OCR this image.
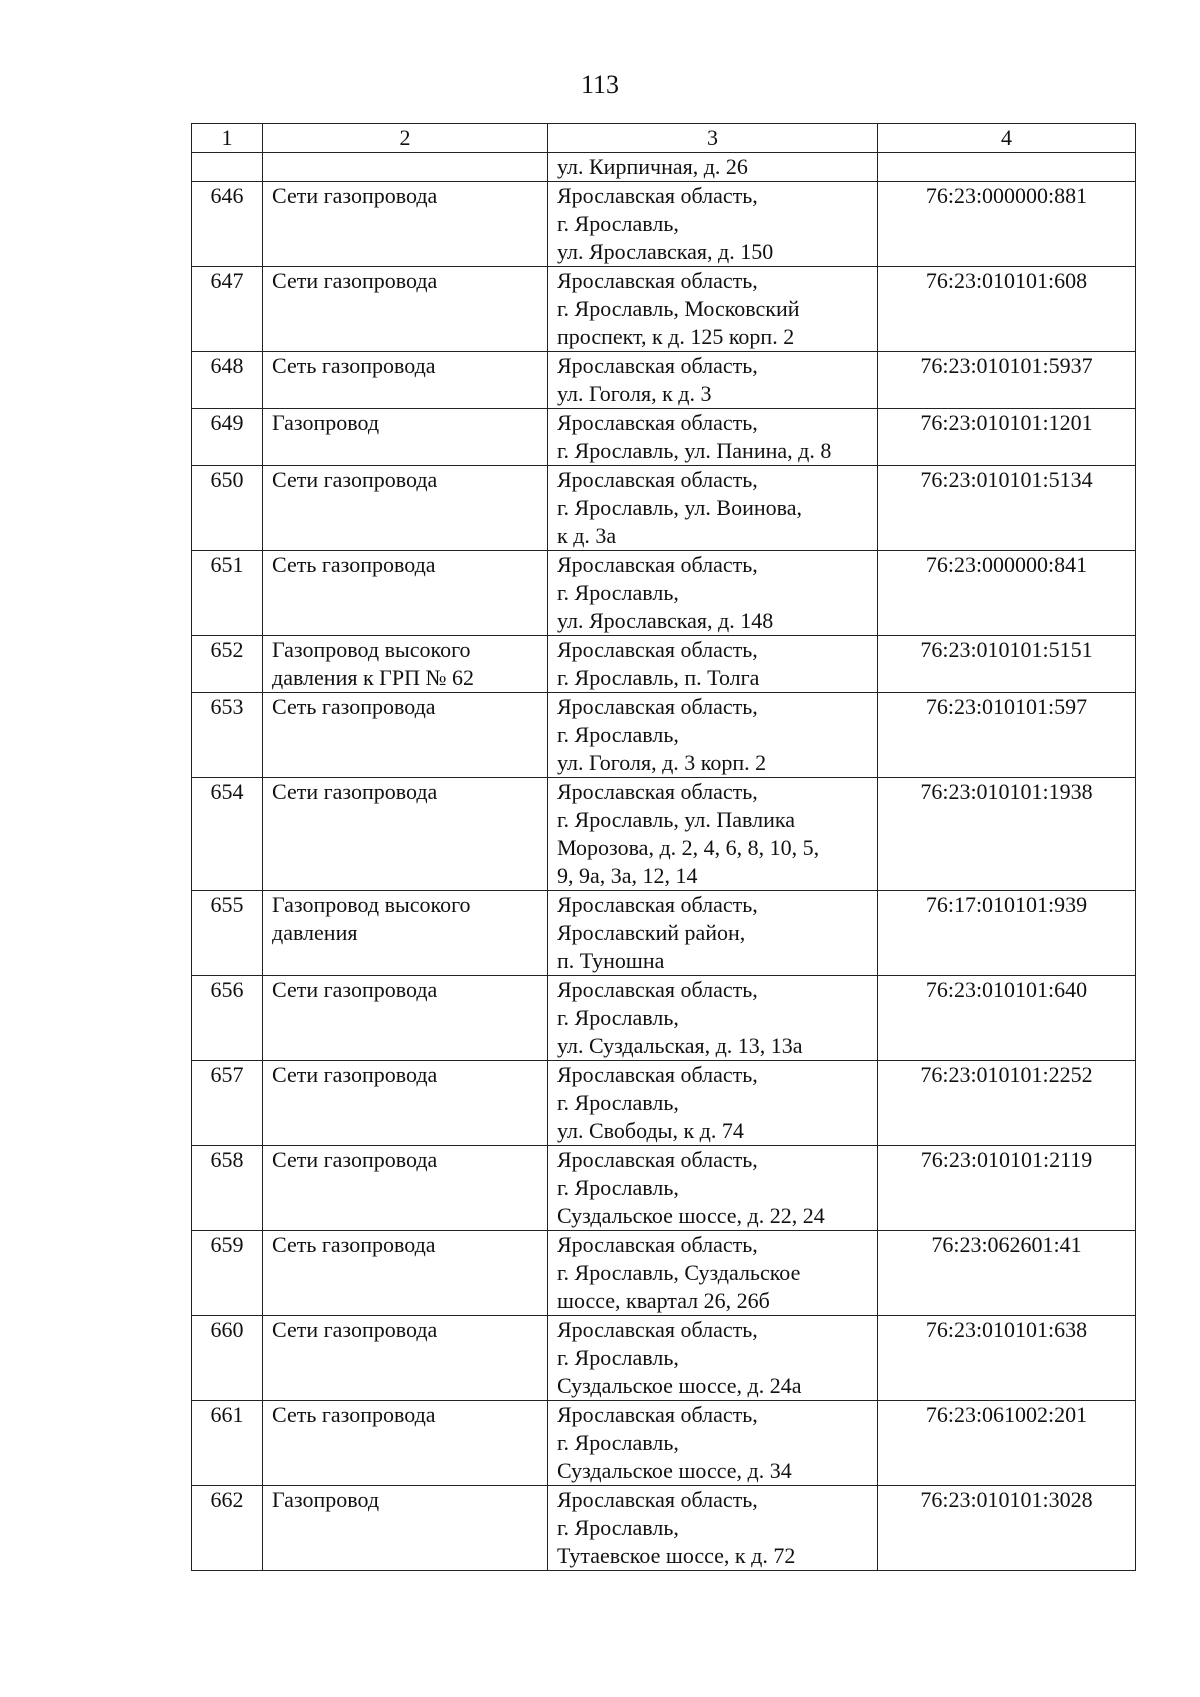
113
1	2	3	4
		ул. Кирпичная, д. 26	
646	Сети газопровода	Ярославская область,
г. Ярославль,
ул. Ярославская, д. 150	76:23:000000:881
647	Сети газопровода	Ярославская область,
г. Ярославль, Московский
проспект, к д. 125 корп. 2	76:23:010101:608
648	Сеть газопровода	Ярославская область,
ул. Гоголя, к д. 3	76:23:010101:5937
649	Газопровод	Ярославская область,
г. Ярославль, ул. Панина, д. 8	76:23:010101:1201
650	Сети газопровода	Ярославская область,
г. Ярославль, ул. Воинова,
к д. 3а	76:23:010101:5134
651	Сеть газопровода	Ярославская область,
г. Ярославль,
ул. Ярославская, д. 148	76:23:000000:841
652	Газопровод высокого
давления к ГРП № 62	Ярославская область,
г. Ярославль, п. Толга	76:23:010101:5151
653	Сеть газопровода	Ярославская область,
г. Ярославль,
ул. Гоголя, д. 3 корп. 2	76:23:010101:597
654	Сети газопровода	Ярославская область,
г. Ярославль, ул. Павлика
Морозова, д. 2, 4, 6, 8, 10, 5,
9, 9а, 3а, 12, 14	76:23:010101:1938
655	Газопровод высокого
давления	Ярославская область,
Ярославский район,
п. Туношна	76:17:010101:939
656	Сети газопровода	Ярославская область,
г. Ярославль,
ул. Суздальская, д. 13, 13а	76:23:010101:640
657	Сети газопровода	Ярославская область,
г. Ярославль,
ул. Свободы, к д. 74	76:23:010101:2252
658	Сети газопровода	Ярославская область,
г. Ярославль,
Суздальское шоссе, д. 22, 24	76:23:010101:2119
659	Сеть газопровода	Ярославская область,
г. Ярославль, Суздальское
шоссе, квартал 26, 26б	76:23:062601:41
660	Сети газопровода	Ярославская область,
г. Ярославль,
Суздальское шоссе, д. 24а	76:23:010101:638
661	Сеть газопровода	Ярославская область,
г. Ярославль,
Суздальское шоссе, д. 34	76:23:061002:201
662	Газопровод	Ярославская область,
г. Ярославль,
Тутаевское шоссе, к д. 72	76:23:010101:3028
